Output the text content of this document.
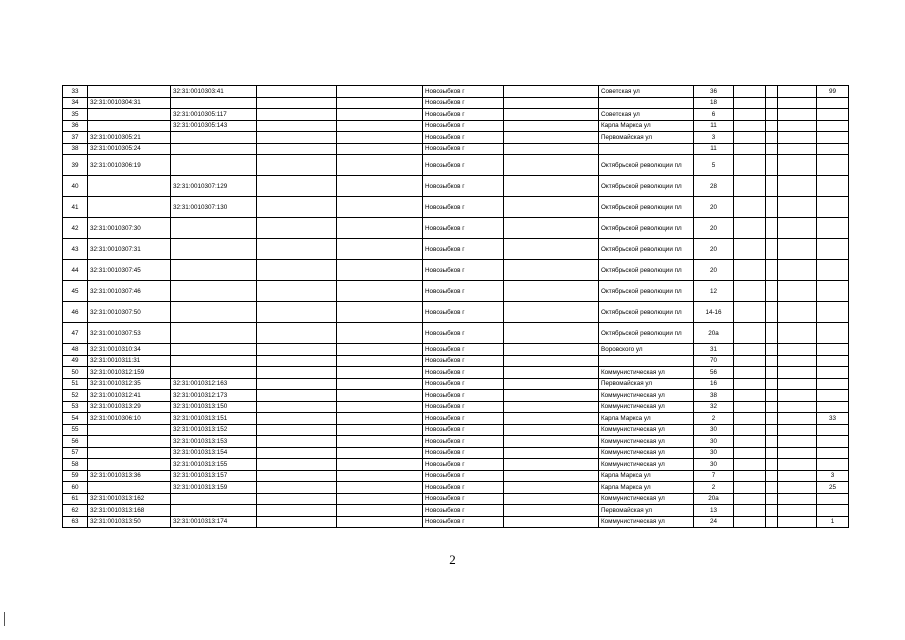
33		32:31:0010303:41			Новозыбков г		Советская ул	36				99
34	32:31:0010304:31				Новозыбков г			18				
35		32:31:0010305:117			Новозыбков г		Советская ул	6				
36		32:31:0010305:143			Новозыбков г		Карла Маркса ул	11				
37	32:31:0010305:21				Новозыбков г		Первомайская ул	3				
38	32:31:0010305:24				Новозыбков г			11				
39	32:31:0010306:19				Новозыбков г		Октябрьской революции пл	5				
40		32:31:0010307:129			Новозыбков г		Октябрьской революции пл	28				
41		32:31:0010307:130			Новозыбков г		Октябрьской революции пл	20				
42	32:31:0010307:30				Новозыбков г		Октябрьской революции пл	20				
43	32:31:0010307:31				Новозыбков г		Октябрьской революции пл	20				
44	32:31:0010307:45				Новозыбков г		Октябрьской революции пл	20				
45	32:31:0010307:46				Новозыбков г		Октябрьской революции пл	12				
46	32:31:0010307:50				Новозыбков г		Октябрьской революции пл	14-16				
47	32:31:0010307:53				Новозыбков г		Октябрьской революции пл	20а				
48	32:31:0010310:34				Новозыбков г		Воровского ул	31				
49	32:31:0010311:31				Новозыбков г			70				
50	32:31:0010312:159				Новозыбков г		Коммунистическая ул	56				
51	32:31:0010312:35	32:31:0010312:163			Новозыбков г		Первомайская ул	16				
52	32:31:0010312:41	32:31:0010312:173			Новозыбков г		Коммунистическая ул	38				
53	32:31:0010313:29	32:31:0010313:150			Новозыбков г		Коммунистическая ул	32				
54	32:31:0010306:10	32:31:0010313:151			Новозыбков г		Карла Маркса ул	2				33
55		32:31:0010313:152			Новозыбков г		Коммунистическая ул	30				
56		32:31:0010313:153			Новозыбков г		Коммунистическая ул	30				
57		32:31:0010313:154			Новозыбков г		Коммунистическая ул	30				
58		32:31:0010313:155			Новозыбков г		Коммунистическая ул	30				
59	32:31:0010313:36	32:31:0010313:157			Новозыбков г		Карла Маркса ул	7				3
60		32:31:0010313:159			Новозыбков г		Карла Маркса ул	2				25
61	32:31:0010313:162				Новозыбков г		Коммунистическая ул	20а				
62	32:31:0010313:168				Новозыбков г		Первомайская ул	13				
63	32:31:0010313:50	32:31:0010313:174			Новозыбков г		Коммунистическая ул	24				1
2
